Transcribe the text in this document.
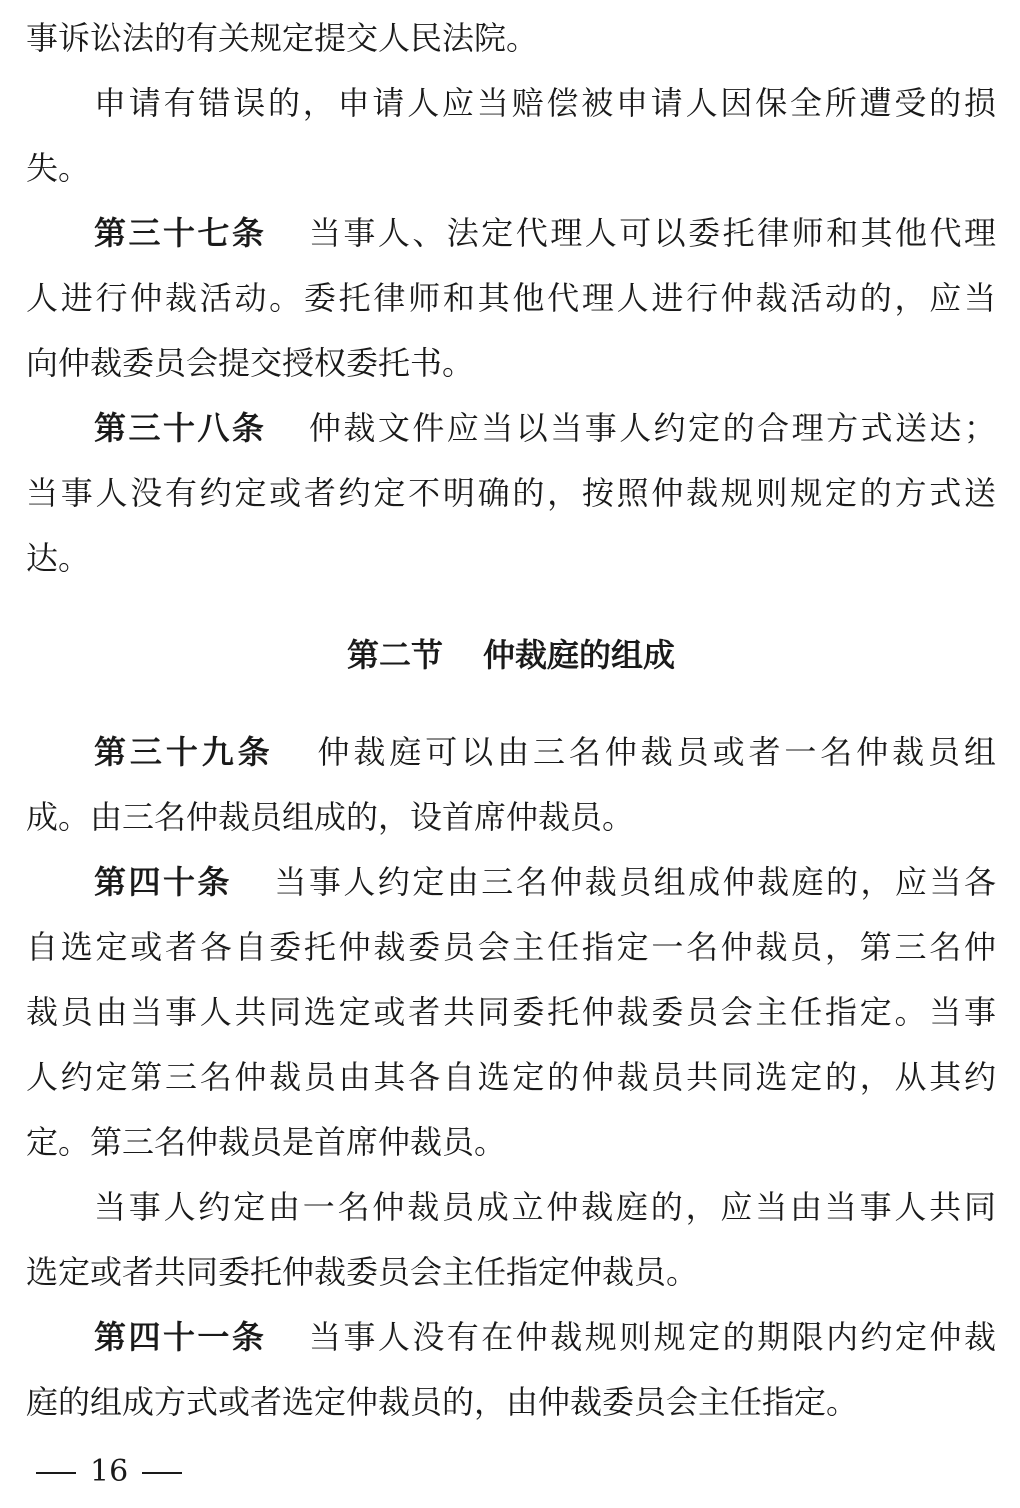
事诉讼法的有关规定提交人民法院。
申请有错误的，申请人应当赔偿被申请人因保全所遭受的损
失。
第三十七条 当事人、法定代理人可以委托律师和其他代理
人进行仲裁活动。委托律师和其他代理人进行仲裁活动的，应当
向仲裁委员会提交授权委托书。
第三十八条 仲裁文件应当以当事人约定的合理方式送达；
当事人没有约定或者约定不明确的，按照仲裁规则规定的方式送
达。
第二节 仲裁庭的组成
第三十九条 仲裁庭可以由三名仲裁员或者一名仲裁员组
成。由三名仲裁员组成的，设首席仲裁员。
第四十条 当事人约定由三名仲裁员组成仲裁庭的，应当各
自选定或者各自委托仲裁委员会主任指定一名仲裁员，第三名仲
裁员由当事人共同选定或者共同委托仲裁委员会主任指定。当事
人约定第三名仲裁员由其各自选定的仲裁员共同选定的，从其约
定。第三名仲裁员是首席仲裁员。
当事人约定由一名仲裁员成立仲裁庭的，应当由当事人共同
选定或者共同委托仲裁委员会主任指定仲裁员。
第四十一条 当事人没有在仲裁规则规定的期限内约定仲裁
庭的组成方式或者选定仲裁员的，由仲裁委员会主任指定。
16
